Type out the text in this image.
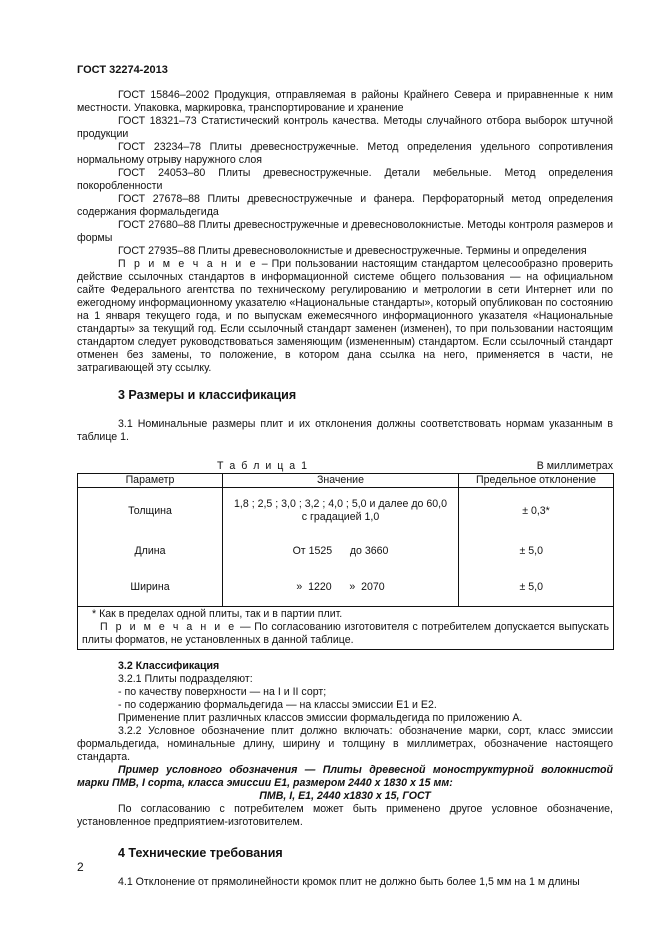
ГОСТ 32274-2013

ГОСТ 15846–2002 Продукция, отправляемая в районы Крайнего Севера и приравненные к ним местности. Упаковка, маркировка, транспортирование и хранение

ГОСТ 18321–73 Статистический контроль качества. Методы случайного отбора выборок штучной продукции

ГОСТ 23234–78 Плиты древесностружечные. Метод определения удельного сопротивления нормальному отрыву наружного слоя

ГОСТ 24053–80 Плиты древесностружечные. Детали мебельные. Метод определения покоробленности

ГОСТ 27678–88 Плиты древесностружечные и фанера. Перфораторный метод определения содержания формальдегида

ГОСТ 27680–88 Плиты древесностружечные и древесноволокнистые. Методы контроля размеров и формы

ГОСТ 27935–88 Плиты древесноволокнистые и древесностружечные. Термины и определения

П р и м е ч а н и е – При пользовании настоящим стандартом целесообразно проверить действие ссылочных стандартов в информационной системе общего пользования — на официальном сайте Федерального агентства по техническому регулированию и метрологии в сети Интернет или по ежегодному информационному указателю «Национальные стандарты», который опубликован по состоянию на 1 января текущего года, и по выпускам ежемесячного информационного указателя «Национальные стандарты» за текущий год. Если ссылочный стандарт заменен (изменен), то при пользовании настоящим стандартом следует руководствоваться заменяющим (измененным) стандартом. Если ссылочный стандарт отменен без замены, то положение, в котором дана ссылка на него, применяется в части, не затрагивающей эту ссылку.

3 Размеры и классификация

3.1 Номинальные размеры плит и их отклонения должны соответствовать нормам указанным в таблице 1.

Т а б л и ц а 1	В миллиметрах
Параметр	Значение	Предельное отклонение
Толщина	1,8 ; 2,5 ; 3,0 ; 3,2 ; 4,0 ; 5,0 и далее до 60,0 с градацией 1,0	± 0,3*
Длина	От 1525      до 3660	± 5,0
Ширина	»  1220      »  2070	± 5,0

* Как в пределах одной плиты, так и в партии плит.
П р и м е ч а н и е — По согласованию изготовителя с потребителем допускается выпускать плиты форматов, не установленных в данной таблице.		
3.2 Классификация

3.2.1 Плиты подразделяют:

- по качеству поверхности — на I и II сорт;

- по содержанию формальдегида — на классы эмиссии Е1 и Е2.

Применение плит различных классов эмиссии формальдегида по приложению А.

3.2.2 Условное обозначение плит должно включать: обозначение марки, сорт, класс эмиссии формальдегида, номинальные длину, ширину и толщину в миллиметрах, обозначение настоящего стандарта.

Пример условного обозначения — Плиты древесной моноструктурной волокнистой марки ПМВ, I сорта, класса эмиссии Е1, размером 2440 х 1830 х 15 мм:

ПМВ, I, Е1, 2440 х1830 х 15, ГОСТ

По согласованию с потребителем может быть применено другое условное обозначение, установленное предприятием-изготовителем.

4 Технические требования

4.1 Отклонение от прямолинейности кромок плит не должно быть более 1,5 мм на 1 м длины

2
